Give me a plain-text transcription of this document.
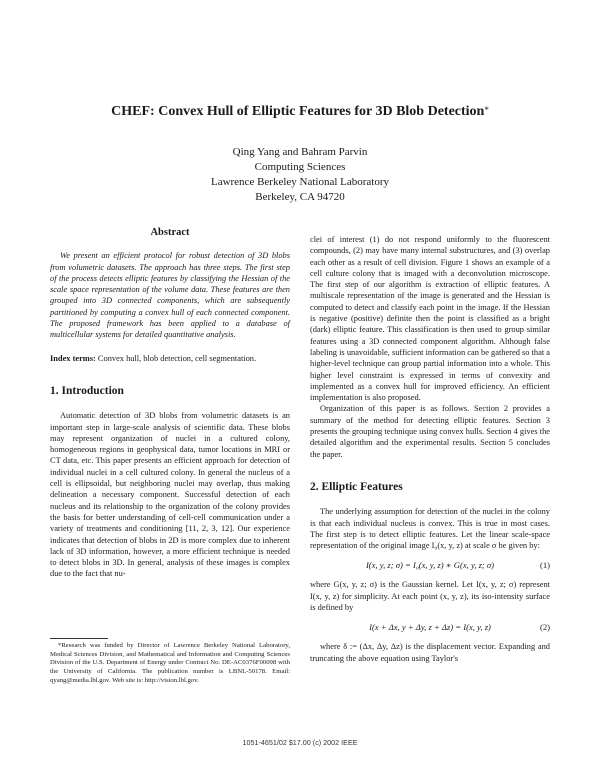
CHEF: Convex Hull of Elliptic Features for 3D Blob Detection*
Qing Yang and Bahram Parvin
Computing Sciences
Lawrence Berkeley National Laboratory
Berkeley, CA 94720
Abstract

We present an efficient protocol for robust detection of 3D blobs from volumetric datasets. The approach has three steps. The first step of the process detects elliptic features by classifying the Hessian of the scale space representation of the volume data. These features are then grouped into 3D connected components, which are subsequently partitioned by computing a convex hull of each connected component. The proposed framework has been applied to a database of multicellular systems for detailed quantitative analysis.

Index terms: Convex hull, blob detection, cell segmentation.

1. Introduction

Automatic detection of 3D blobs from volumetric datasets is an important step in large-scale analysis of scientific data. These blobs may represent organization of nuclei in a cultured colony, homogeneous regions in geophysical data, tumor locations in MRI or CT data, etc. This paper presents an efficient approach for detection of individual nuclei in a cell cultured colony. In general the nucleus of a cell is ellipsoidal, but neighboring nuclei may overlap, thus making delineation a necessary component. Successful detection of each nucleus and its relationship to the organization of the colony provides the basis for better understanding of cell-cell communication under a variety of treatments and conditioning [11, 2, 3, 12]. Our experience indicates that detection of blobs in 2D is more complex due to inherent lack of 3D information, however, a more efficient technique is needed to detect blobs in 3D. In general, analysis of these images is complex due to the fact that nu-

*Research was funded by Director of Lawrence Berkeley National Laboratory, Medical Sciences Division, and Mathematical and Information and Computing Sciences Division of the U.S. Department of Energy under Contract No. DE-AC0376F00098 with the University of California. The publication number is LBNL-50178. Email: qyang@media.lbl.gov. Web site is: http://vision.lbl.gov.

clei of interest (1) do not respond uniformly to the fluorescent compounds, (2) may have many internal substructures, and (3) overlap each other as a result of cell division. Figure 1 shows an example of a cell culture colony that is imaged with a deconvolution microscope. The first step of our algorithm is extraction of elliptic features. A multiscale representation of the image is generated and the Hessian is computed to detect and classify each point in the image. If the Hessian is negative (positive) definite then the point is classified as a bright (dark) elliptic feature. This classification is then used to group similar features using a 3D connected component algorithm. Although false labeling is unavoidable, sufficient information can be gathered so that a higher-level technique can group partial information into a whole. This higher level constraint is expressed in terms of convexity and implemented as a convex hull for improved efficiency. An efficient implementation is also proposed.

Organization of this paper is as follows. Section 2 provides a summary of the method for detecting elliptic features. Section 3 presents the grouping technique using convex hulls. Section 4 gives the detailed algorithm and the experimental results. Section 5 concludes the paper.

2. Elliptic Features

The underlying assumption for detection of the nuclei in the colony is that each individual nucleus is convex. This is true in most cases. The first step is to detect elliptic features. Let the linear scale-space representation of the original image I₀(x, y, z) at scale σ be given by:

I(x, y, z; σ) = I₀(x, y, z) ∗ G(x, y, z; σ)	(1)

where G(x, y, z; σ) is the Gaussian kernel. Let I(x, y, z; σ) represent I(x, y, z) for simplicity. At each point (x, y, z), its iso-intensity surface is defined by

I(x + Δx, y + Δy, z + Δz) = I(x, y, z)	(2)

where δ := (Δx, Δy, Δz) is the displacement vector. Expanding and truncating the above equation using Taylor's

1051-4651/02 $17.00 (c) 2002 IEEE
